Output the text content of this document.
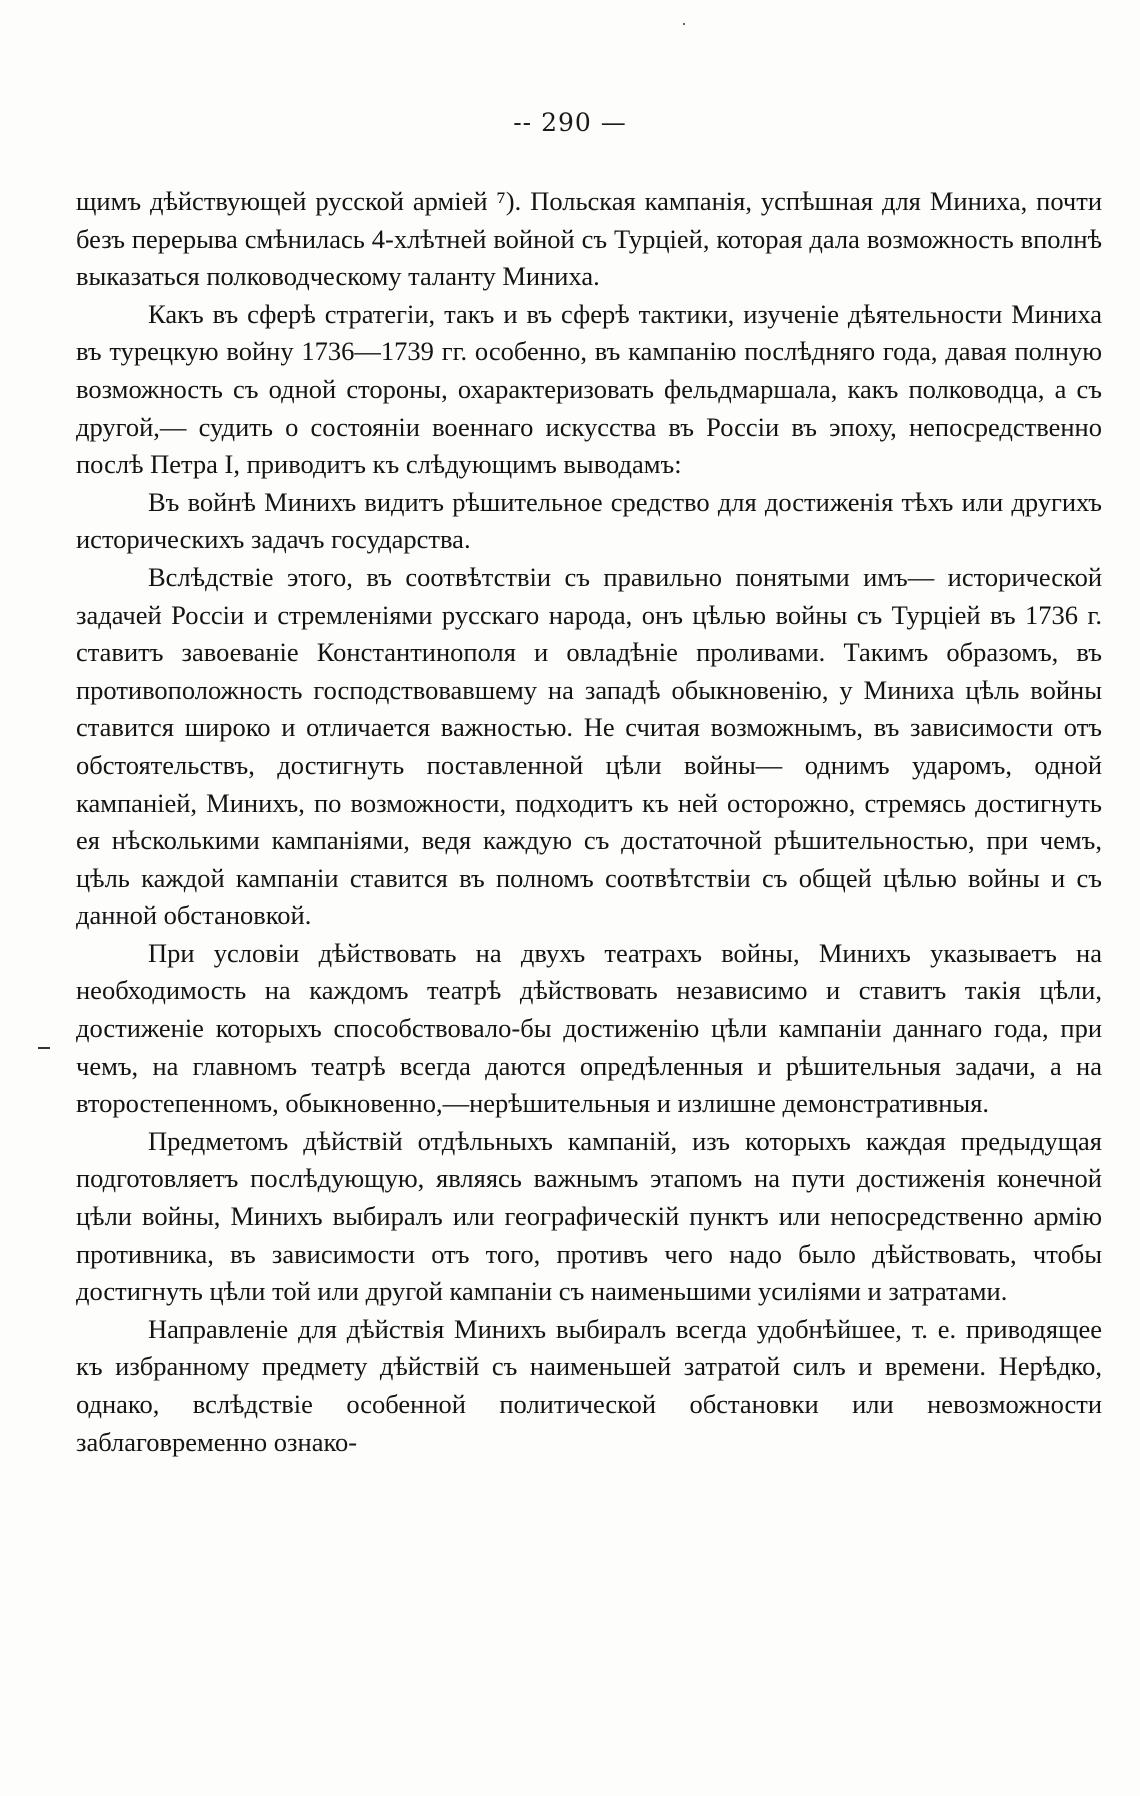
-- 290 —

щимъ дѣйствующей русской арміей ⁷). Польская кампанія, успѣшная для Миниха, почти безъ перерыва смѣнилась 4-хлѣтней войной съ Турціей, которая дала возможность вполнѣ выказаться полководческому таланту Миниха.

Какъ въ сферѣ стратегіи, такъ и въ сферѣ тактики, изученіе дѣятельности Миниха въ турецкую войну 1736—1739 гг. особенно, въ кампанію послѣдняго года, давая полную возможность съ одной стороны, охарактеризовать фельдмаршала, какъ полководца, а съ другой,— судить о состояніи военнаго искусства въ Россіи въ эпоху, непосредственно послѣ Петра I, приводитъ къ слѣдующимъ выводамъ:

Въ войнѣ Минихъ видитъ рѣшительное средство для достиженія тѣхъ или другихъ историческихъ задачъ государства.

Вслѣдствіе этого, въ соотвѣтствіи съ правильно понятыми имъ— исторической задачей Россіи и стремленіями русскаго народа, онъ цѣлью войны съ Турціей въ 1736 г. ставитъ завоеваніе Константинополя и овладѣніе проливами. Такимъ образомъ, въ противоположность господствовавшему на западѣ обыкновенію, у Миниха цѣль войны ставится широко и отличается важностью. Не считая возможнымъ, въ зависимости отъ обстоятельствъ, достигнуть поставленной цѣли войны— однимъ ударомъ, одной кампаніей, Минихъ, по возможности, подходитъ къ ней осторожно, стремясь достигнуть ея нѣсколькими кампаніями, ведя каждую съ достаточной рѣшительностью, при чемъ, цѣль каждой кампаніи ставится въ полномъ соотвѣтствіи съ общей цѣлью войны и съ данной обстановкой.

При условіи дѣйствовать на двухъ театрахъ войны, Минихъ указываетъ на необходимость на каждомъ театрѣ дѣйствовать независимо и ставитъ такія цѣли, достиженіе которыхъ способствовало-бы достиженію цѣли кампаніи даннаго года, при чемъ, на главномъ театрѣ всегда даются опредѣленныя и рѣшительныя задачи, а на второстепенномъ, обыкновенно,—нерѣшительныя и излишне демонстративныя.

Предметомъ дѣйствій отдѣльныхъ кампаній, изъ которыхъ каждая предыдущая подготовляетъ послѣдующую, являясь важнымъ этапомъ на пути достиженія конечной цѣли войны, Минихъ выбиралъ или географическій пунктъ или непосредственно армію противника, въ зависимости отъ того, противъ чего надо было дѣйствовать, чтобы достигнуть цѣли той или другой кампаніи съ наименьшими усиліями и затратами.

Направленіе для дѣйствія Минихъ выбиралъ всегда удобнѣйшее, т. е. приводящее къ избранному предмету дѣйствій съ наименьшей затратой силъ и времени. Нерѣдко, однако, вслѣдствіе особенной политической обстановки или невозможности заблаговременно ознако-
